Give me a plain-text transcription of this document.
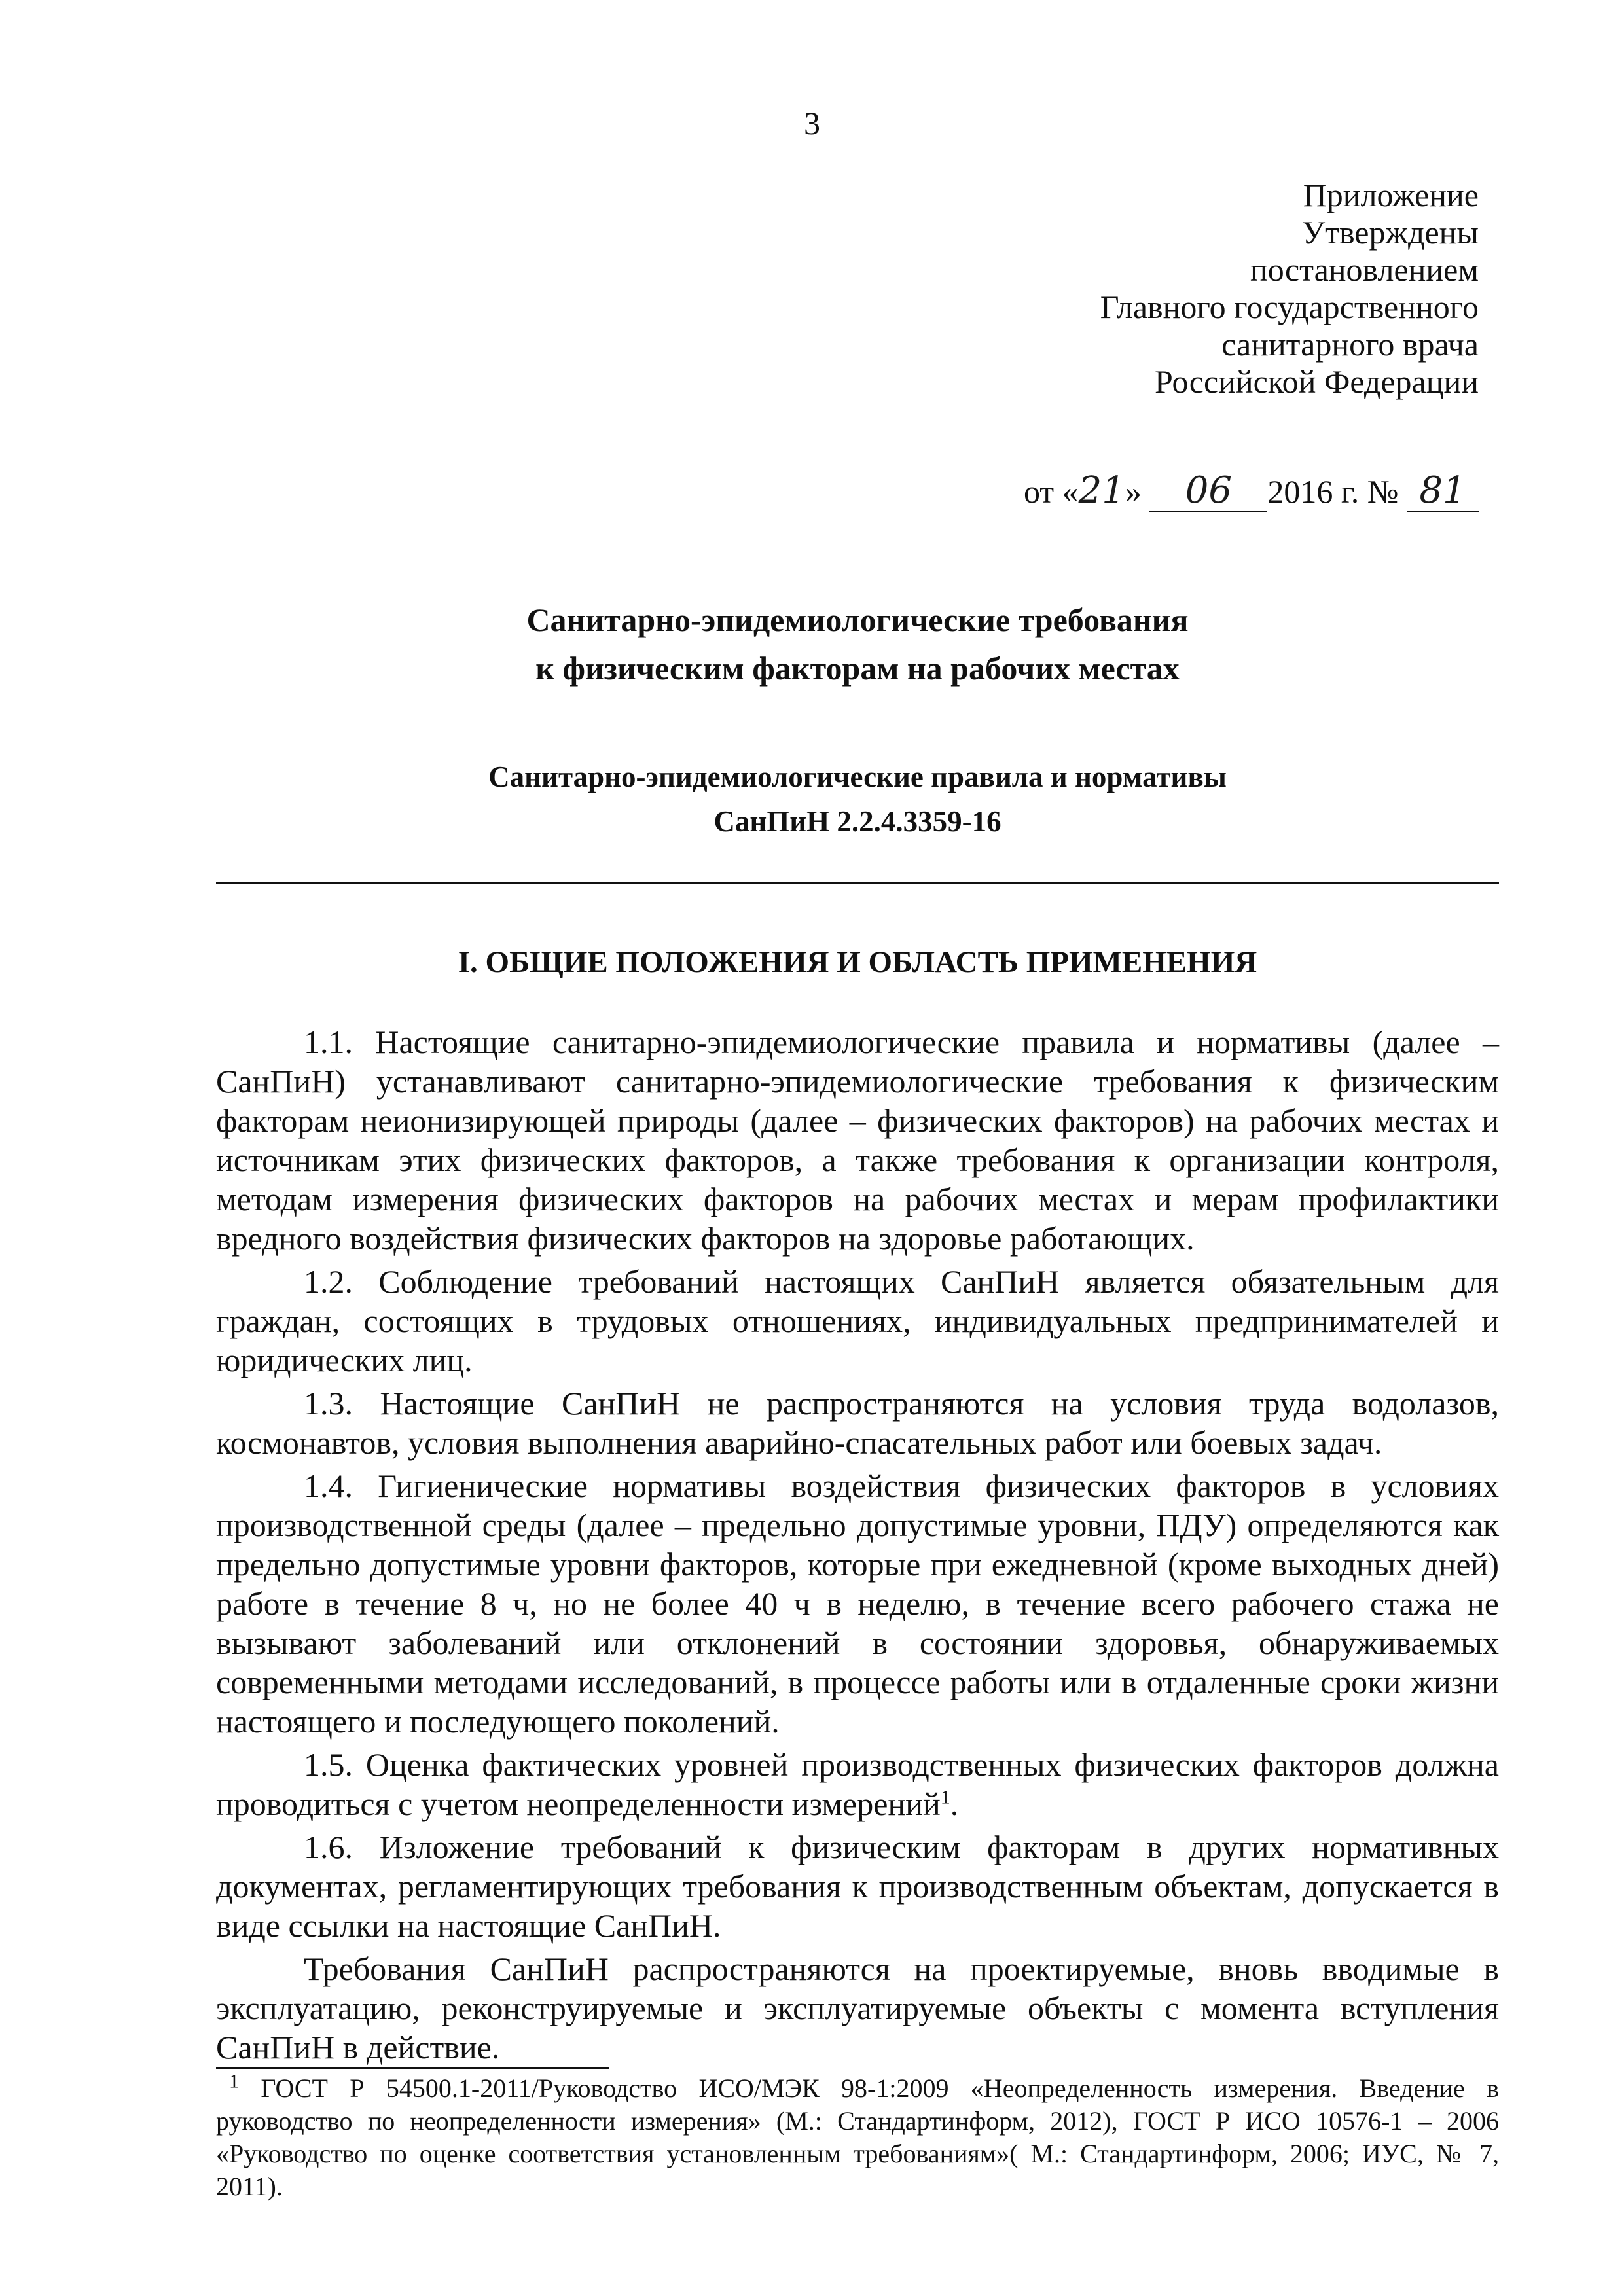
3
Приложение
Утверждены
постановлением
Главного государственного
санитарного врача
Российской Федерации
от «21» 06 2016 г. № 81
Санитарно-эпидемиологические требования
к физическим факторам на рабочих местах
Санитарно-эпидемиологические правила и нормативы
СанПиН 2.2.4.3359-16
I. ОБЩИЕ ПОЛОЖЕНИЯ И ОБЛАСТЬ ПРИМЕНЕНИЯ

1.1. Настоящие санитарно-эпидемиологические правила и нормативы (далее – СанПиН) устанавливают санитарно-эпидемиологические требования к физическим факторам неионизирующей природы (далее – физических факторов) на рабочих местах и источникам этих физических факторов, а также требования к организации контроля, методам измерения физических факторов на рабочих местах и мерам профилактики вредного воздействия физических факторов на здоровье работающих.

1.2. Соблюдение требований настоящих СанПиН является обязательным для граждан, состоящих в трудовых отношениях, индивидуальных предпринимателей и юридических лиц.

1.3. Настоящие СанПиН не распространяются на условия труда водолазов, космонавтов, условия выполнения аварийно-спасательных работ или боевых задач.

1.4. Гигиенические нормативы воздействия физических факторов в условиях производственной среды (далее – предельно допустимые уровни, ПДУ) определяются как предельно допустимые уровни факторов, которые при ежедневной (кроме выходных дней) работе в течение 8 ч, но не более 40 ч в неделю, в течение всего рабочего стажа не вызывают заболеваний или отклонений в состоянии здоровья, обнаруживаемых современными методами исследований, в процессе работы или в отдаленные сроки жизни настоящего и последующего поколений.

1.5. Оценка фактических уровней производственных физических факторов должна проводиться с учетом неопределенности измерений$^1$.

1.6. Изложение требований к физическим факторам в других нормативных документах, регламентирующих требования к производственным объектам, допускается в виде ссылки на настоящие СанПиН.

Требования СанПиН распространяются на проектируемые, вновь вводимые в эксплуатацию, реконструируемые и эксплуатируемые объекты с момента вступления СанПиН в действие.

$^1$ ГОСТ Р 54500.1-2011/Руководство ИСО/МЭК 98-1:2009 «Неопределенность измерения. Введение в руководство по неопределенности измерения» (М.: Стандартинформ, 2012), ГОСТ Р ИСО 10576-1 – 2006 «Руководство по оценке соответствия установленным требованиям»( М.: Стандартинформ, 2006; ИУС, № 7, 2011).
